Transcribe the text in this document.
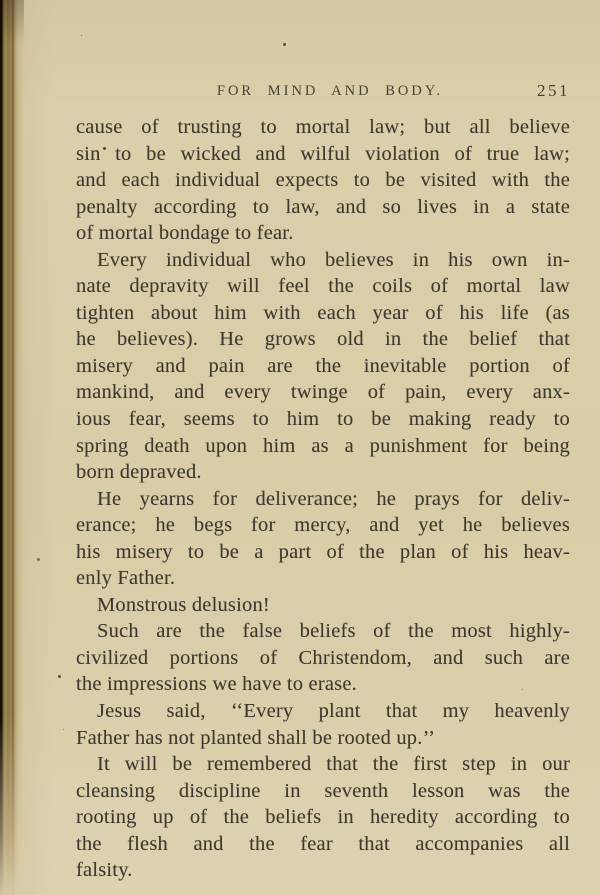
FOR MIND AND BODY.	251
cause of trusting to mortal law; but all believe
sin to be wicked and wilful violation of true law;
and each individual expects to be visited with the
penalty according to law, and so lives in a state
of mortal bondage to fear.
Every individual who believes in his own in-
nate depravity will feel the coils of mortal law
tighten about him with each year of his life (as
he believes). He grows old in the belief that
misery and pain are the inevitable portion of
mankind, and every twinge of pain, every anx-
ious fear, seems to him to be making ready to
spring death upon him as a punishment for being
born depraved.
He yearns for deliverance; he prays for deliv-
erance; he begs for mercy, and yet he believes
his misery to be a part of the plan of his heav-
enly Father.
Monstrous delusion!
Such are the false beliefs of the most highly-
civilized portions of Christendom, and such are
the impressions we have to erase.
Jesus said, ‘‘Every plant that my heavenly
Father has not planted shall be rooted up.’’
It will be remembered that the first step in our
cleansing discipline in seventh lesson was the
rooting up of the beliefs in heredity according to
the flesh and the fear that accompanies all
falsity.
